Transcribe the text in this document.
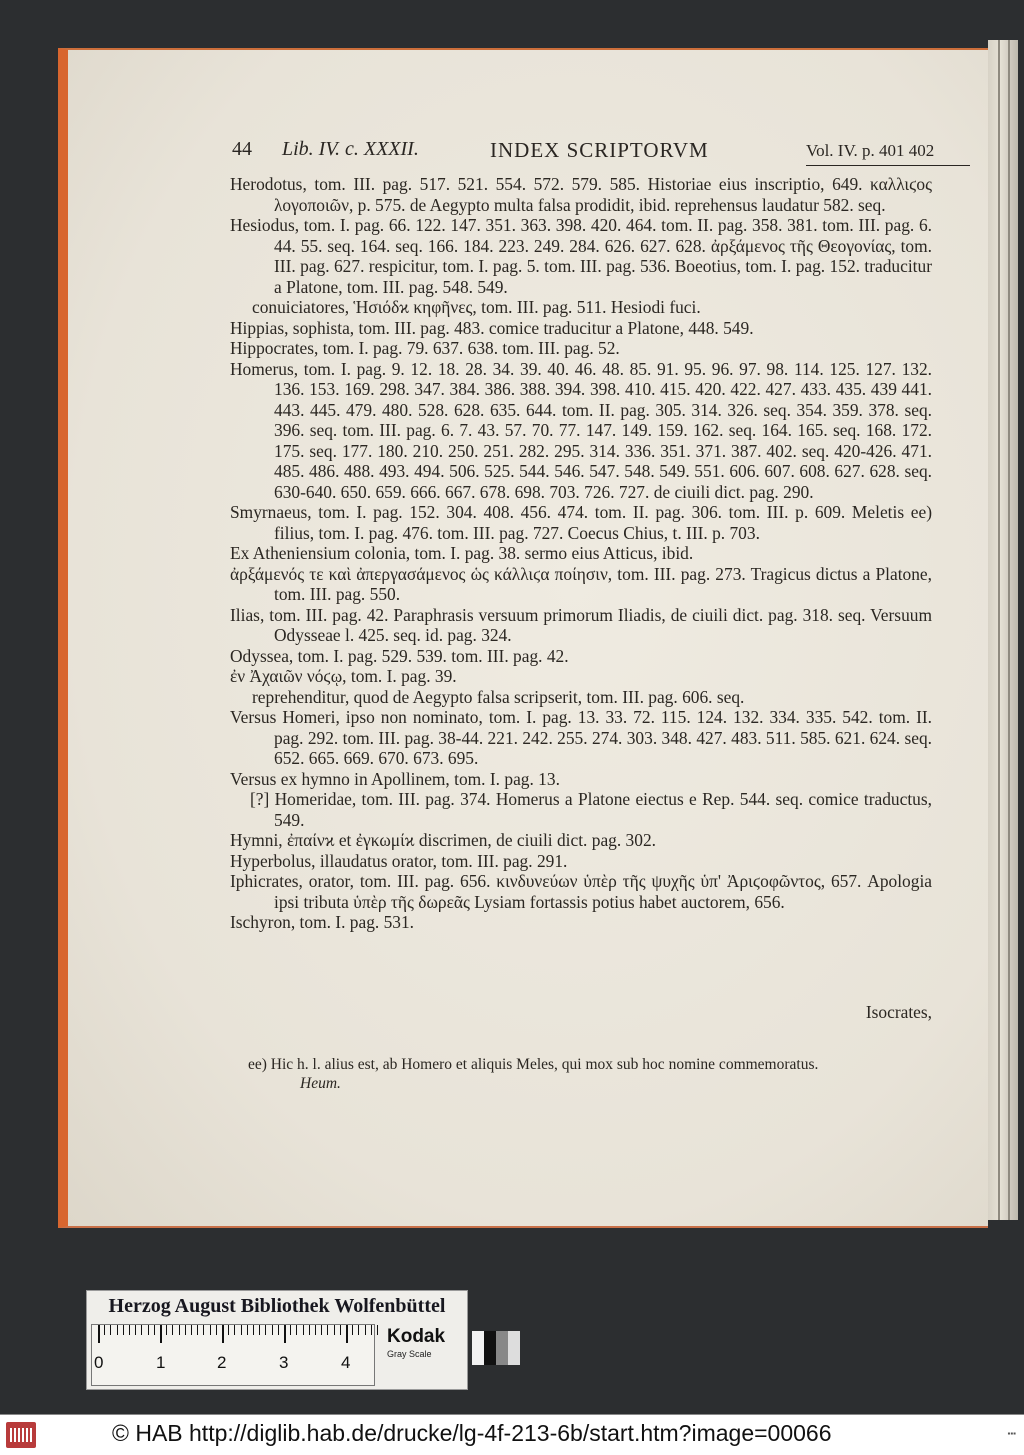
44 Lib. IV. c. XXXII.	INDEX SCRIPTORVM	Vol. IV. p. 401 402

Herodotus, tom. III. pag. 517. 521. 554. 572. 579. 585. Historiae eius inscriptio, 649. καλλιϛος λογοποιῶν, p. 575. de Aegypto multa falsa prodidit, ibid. reprehensus laudatur 582. seq.

Hesiodus, tom. I. pag. 66. 122. 147. 351. 363. 398. 420. 464. tom. II. pag. 358. 381. tom. III. pag. 6. 44. 55. seq. 164. seq. 166. 184. 223. 249. 284. 626. 627. 628. ἀρξάμενος τῆς Θεογονίας, tom. III. pag. 627. respicitur, tom. I. pag. 5. tom. III. pag. 536. Boeotius, tom. I. pag. 152. traducitur a Platone, tom. III. pag. 548. 549.

conuiciatores, Ἡσιόδϰ κηφῆνες, tom. III. pag. 511. Hesiodi fuci.

Hippias, sophista, tom. III. pag. 483. comice traducitur a Platone, 448. 549.

Hippocrates, tom. I. pag. 79. 637. 638. tom. III. pag. 52.

Homerus, tom. I. pag. 9. 12. 18. 28. 34. 39. 40. 46. 48. 85. 91. 95. 96. 97. 98. 114. 125. 127. 132. 136. 153. 169. 298. 347. 384. 386. 388. 394. 398. 410. 415. 420. 422. 427. 433. 435. 439 441. 443. 445. 479. 480. 528. 628. 635. 644. tom. II. pag. 305. 314. 326. seq. 354. 359. 378. seq. 396. seq. tom. III. pag. 6. 7. 43. 57. 70. 77. 147. 149. 159. 162. seq. 164. 165. seq. 168. 172. 175. seq. 177. 180. 210. 250. 251. 282. 295. 314. 336. 351. 371. 387. 402. seq. 420-426. 471. 485. 486. 488. 493. 494. 506. 525. 544. 546. 547. 548. 549. 551. 606. 607. 608. 627. 628. seq. 630-640. 650. 659. 666. 667. 678. 698. 703. 726. 727. de ciuili dict. pag. 290.

Smyrnaeus, tom. I. pag. 152. 304. 408. 456. 474. tom. II. pag. 306. tom. III. p. 609. Meletis ee) filius, tom. I. pag. 476. tom. III. pag. 727. Coecus Chius, t. III. p. 703.

Ex Atheniensium colonia, tom. I. pag. 38. sermo eius Atticus, ibid.

ἀρξάμενός τε καὶ ἀπεργασάμενος ὡς κάλλιϛα ποίησιν, tom. III. pag. 273. Tragicus dictus a Platone, tom. III. pag. 550.

Ilias, tom. III. pag. 42. Paraphrasis versuum primorum Iliadis, de ciuili dict. pag. 318. seq. Versuum Odysseae l. 425. seq. id. pag. 324.

Odyssea, tom. I. pag. 529. 539. tom. III. pag. 42.

ἐν Ἀχαιῶν νόϛῳ, tom. I. pag. 39.

reprehenditur, quod de Aegypto falsa scripserit, tom. III. pag. 606. seq.

Versus Homeri, ipso non nominato, tom. I. pag. 13. 33. 72. 115. 124. 132. 334. 335. 542. tom. II. pag. 292. tom. III. pag. 38-44. 221. 242. 255. 274. 303. 348. 427. 483. 511. 585. 621. 624. seq. 652. 665. 669. 670. 673. 695.

Versus ex hymno in Apollinem, tom. I. pag. 13.

[?] Homeridae, tom. III. pag. 374. Homerus a Platone eiectus e Rep. 544. seq. comice traductus, 549.

Hymni, ἐπαίνϰ et ἐγκωμίϰ discrimen, de ciuili dict. pag. 302.

Hyperbolus, illaudatus orator, tom. III. pag. 291.

Iphicrates, orator, tom. III. pag. 656. κινδυνεύων ὑπὲρ τῆς ψυχῆς ὑπ' Ἀριϛοφῶντος, 657. Apologia ipsi tributa ὑπὲρ τῆς δωρεᾶς Lysiam fortassis potius habet auctorem, 656.

Ischyron, tom. I. pag. 531.

Isocrates,
ee) Hic h. l. alius est, ab Homero et aliquis Meles, qui mox sub hoc nomine commemoratus.
Heum.
Herzog August Bibliothek Wolfenbüttel
0	1	2	3	4
Kodak
Gray Scale
© HAB http://diglib.hab.de/drucke/lg-4f-213-6b/start.htm?image=00066	▪▪▪
